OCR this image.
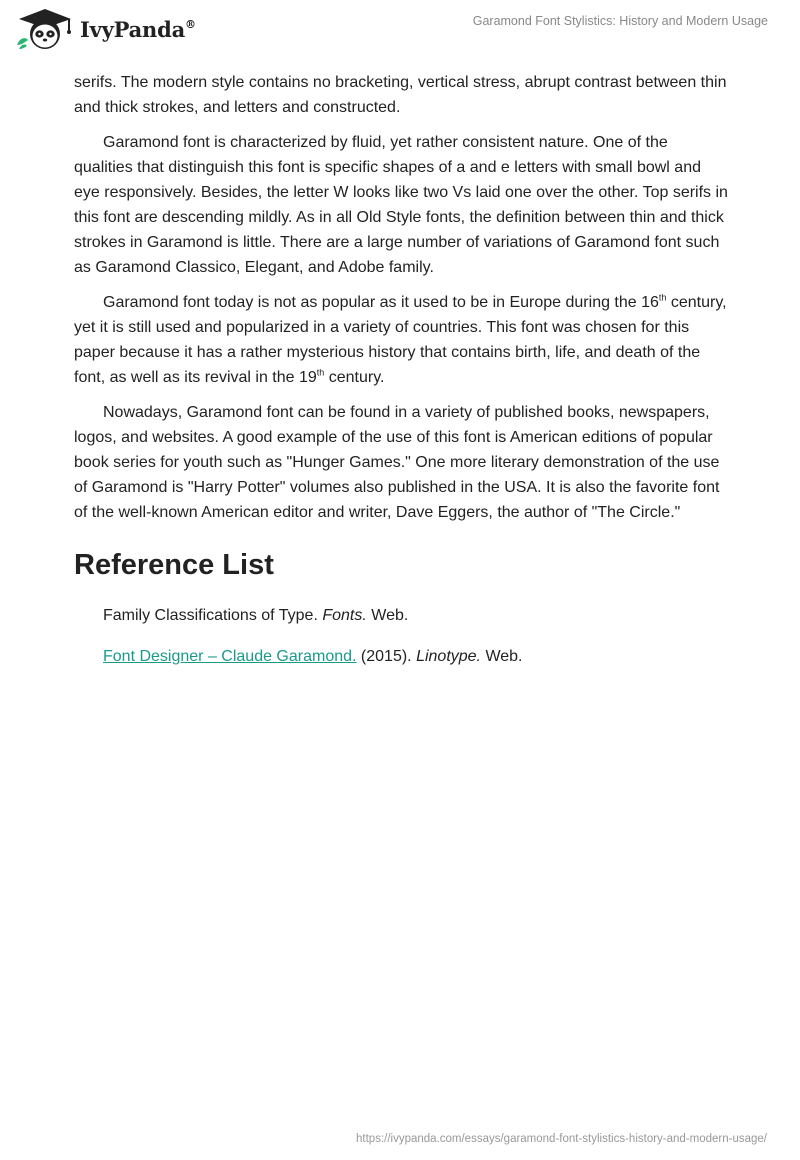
IvyPanda®	Garamond Font Stylistics: History and Modern Usage

serifs. The modern style contains no bracketing, vertical stress, abrupt contrast between thin and thick strokes, and letters and constructed.

Garamond font is characterized by fluid, yet rather consistent nature. One of the qualities that distinguish this font is specific shapes of a and e letters with small bowl and eye responsively. Besides, the letter W looks like two Vs laid one over the other. Top serifs in this font are descending mildly. As in all Old Style fonts, the definition between thin and thick strokes in Garamond is little. There are a large number of variations of Garamond font such as Garamond Classico, Elegant, and Adobe family.

Garamond font today is not as popular as it used to be in Europe during the 16th century, yet it is still used and popularized in a variety of countries. This font was chosen for this paper because it has a rather mysterious history that contains birth, life, and death of the font, as well as its revival in the 19th century.

Nowadays, Garamond font can be found in a variety of published books, newspapers, logos, and websites. A good example of the use of this font is American editions of popular book series for youth such as "Hunger Games." One more literary demonstration of the use of Garamond is "Harry Potter" volumes also published in the USA. It is also the favorite font of the well-known American editor and writer, Dave Eggers, the author of "The Circle."

Reference List
Family Classifications of Type. Fonts. Web.
Font Designer – Claude Garamond. (2015). Linotype. Web.
https://ivypanda.com/essays/garamond-font-stylistics-history-and-modern-usage/
